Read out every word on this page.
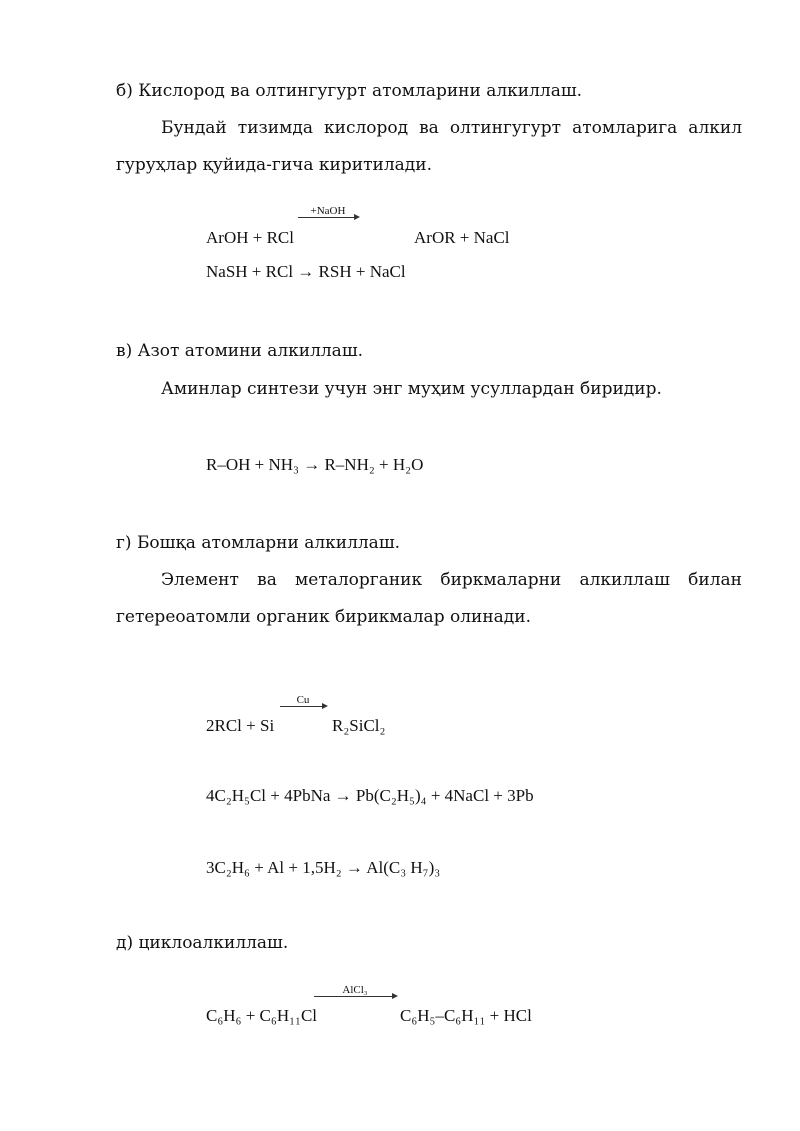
б) Кислород ва олтингугурт атомларини алкиллаш.
Бундай тизимда кислород ва олтингугурт атомларига алкил гуруҳлар қуйида-гича киритилади.
+NaOH
ArOH + RCl	ArOR + NaCl
NaSH + RCl → RSH + NaCl
в) Азот атомини алкиллаш.
Аминлар синтези учун энг муҳим усуллардан биридир.
R–OH + NH₃ → R–NH₂ + H₂O
г) Бошқа атомларни алкиллаш.
Элемент ва металорганик биркмаларни алкиллаш билан гетереоатомли органик бирикмалар олинади.
Cu
2RCl + Si	R₂SiCl₂
4C₂H₅Cl + 4PbNa → Pb(C₂H₅)₄ + 4NaCl + 3Pb
3C₂H₆ + Al + 1,5H₂ → Al(C₃ H₇)₃
д) циклоалкиллаш.
AlCl₃
C₆H₆ + C₆H₁₁Cl	C₆H₅–C₆H₁₁ + HCl
